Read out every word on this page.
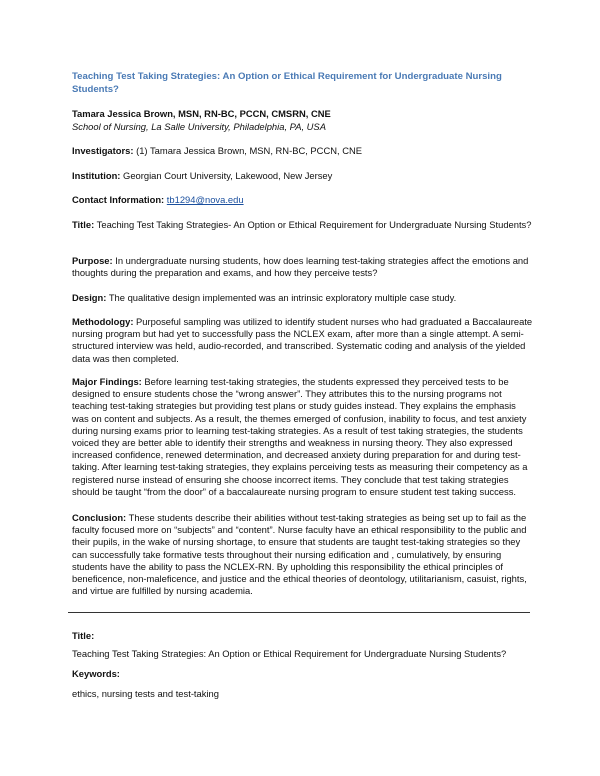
Teaching Test Taking Strategies: An Option or Ethical Requirement for Undergraduate Nursing Students?
Tamara Jessica Brown, MSN, RN-BC, PCCN, CMSRN, CNE
School of Nursing, La Salle University, Philadelphia, PA, USA
Investigators: (1) Tamara Jessica Brown, MSN, RN-BC, PCCN, CNE
Institution: Georgian Court University, Lakewood, New Jersey
Contact Information: tb1294@nova.edu
Title: Teaching Test Taking Strategies- An Option or Ethical Requirement for Undergraduate Nursing Students?
Purpose: In undergraduate nursing students, how does learning test-taking strategies affect the emotions and thoughts during the preparation and exams, and how they perceive tests?
Design: The qualitative design implemented was an intrinsic exploratory multiple case study.
Methodology: Purposeful sampling was utilized to identify student nurses who had graduated a Baccalaureate nursing program but had yet to successfully pass the NCLEX exam, after more than a single attempt. A semi-structured interview was held, audio-recorded, and transcribed. Systematic coding and analysis of the yielded data was then completed.
Major Findings: Before learning test-taking strategies, the students expressed they perceived tests to be designed to ensure students chose the “wrong answer”. They attributes this to the nursing programs not teaching test-taking strategies but providing test plans or study guides instead. They explains the emphasis was on content and subjects. As a result, the themes emerged of confusion, inability to focus, and test anxiety during nursing exams prior to learning test-taking strategies. As a result of test taking strategies, the students voiced they are better able to identify their strengths and weakness in nursing theory. They also expressed increased confidence, renewed determination, and decreased anxiety during preparation for and during test-taking. After learning test-taking strategies, they explains perceiving tests as measuring their competency as a registered nurse instead of ensuring she choose incorrect items. They conclude that test taking strategies should be taught “from the door” of a baccalaureate nursing program to ensure student test taking success.
Conclusion: These students describe their abilities without test-taking strategies as being set up to fail as the faculty focused more on “subjects” and “content”. Nurse faculty have an ethical responsibility to the public and their pupils, in the wake of nursing shortage, to ensure that students are taught test-taking strategies so they can successfully take formative tests throughout their nursing edification and , cumulatively, by ensuring students have the ability to pass the NCLEX-RN. By upholding this responsibility the ethical principles of beneficence, non-maleficence, and justice and the ethical theories of deontology, utilitarianism, casuist, rights, and virtue are fulfilled by nursing academia.
Title:
Teaching Test Taking Strategies: An Option or Ethical Requirement for Undergraduate Nursing Students?
Keywords:
ethics, nursing tests and test-taking
